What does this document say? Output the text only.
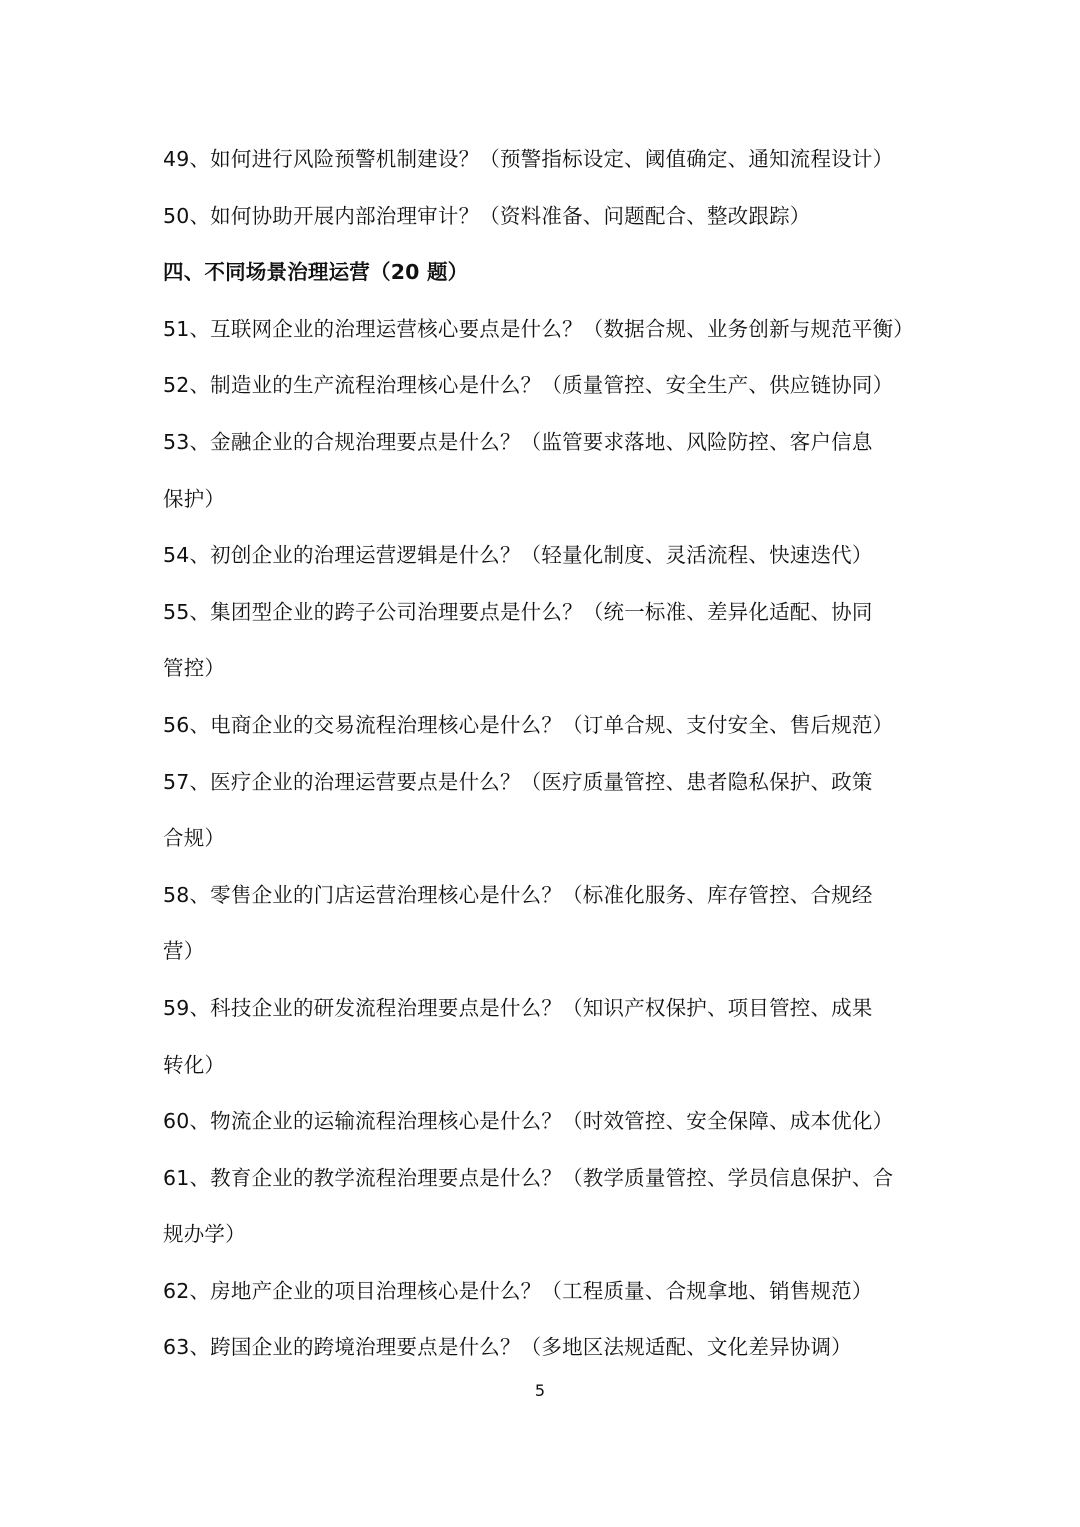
49、如何进行风险预警机制建设？（预警指标设定、阈值确定、通知流程设计）
50、如何协助开展内部治理审计？（资料准备、问题配合、整改跟踪）
四、不同场景治理运营（20 题）
51、互联网企业的治理运营核心要点是什么？（数据合规、业务创新与规范平衡）
52、制造业的生产流程治理核心是什么？（质量管控、安全生产、供应链协同）
53、金融企业的合规治理要点是什么？（监管要求落地、风险防控、客户信息
保护）
54、初创企业的治理运营逻辑是什么？（轻量化制度、灵活流程、快速迭代）
55、集团型企业的跨子公司治理要点是什么？（统一标准、差异化适配、协同
管控）
56、电商企业的交易流程治理核心是什么？（订单合规、支付安全、售后规范）
57、医疗企业的治理运营要点是什么？（医疗质量管控、患者隐私保护、政策
合规）
58、零售企业的门店运营治理核心是什么？（标准化服务、库存管控、合规经
营）
59、科技企业的研发流程治理要点是什么？（知识产权保护、项目管控、成果
转化）
60、物流企业的运输流程治理核心是什么？（时效管控、安全保障、成本优化）
61、教育企业的教学流程治理要点是什么？（教学质量管控、学员信息保护、合
规办学）
62、房地产企业的项目治理核心是什么？（工程质量、合规拿地、销售规范）
63、跨国企业的跨境治理要点是什么？（多地区法规适配、文化差异协调）
5
